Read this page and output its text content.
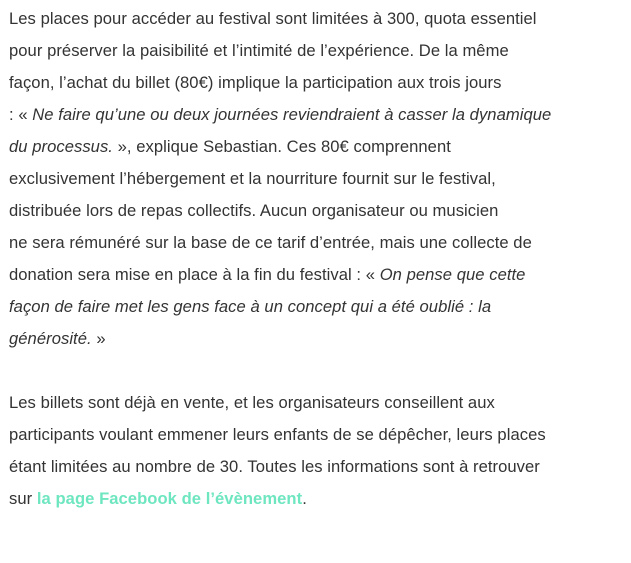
Les places pour accéder au festival sont limitées à 300, quota essentiel
pour préserver la paisibilité et l’intimité de l’expérience. De la même
façon, l’achat du billet (80€) implique la participation aux trois jours
: « Ne faire qu’une ou deux journées reviendraient à casser la dynamique
du processus. », explique Sebastian. Ces 80€ comprennent
exclusivement l’hébergement et la nourriture fournit sur le festival,
distribuée lors de repas collectifs. Aucun organisateur ou musicien
ne sera rémunéré sur la base de ce tarif d’entrée, mais une collecte de
donation sera mise en place à la fin du festival : « On pense que cette
façon de faire met les gens face à un concept qui a été oublié : la
générosité. »

Les billets sont déjà en vente, et les organisateurs conseillent aux
participants voulant emmener leurs enfants de se dépêcher, leurs places
étant limitées au nombre de 30. Toutes les informations sont à retrouver
sur la page Facebook de l’évènement.
